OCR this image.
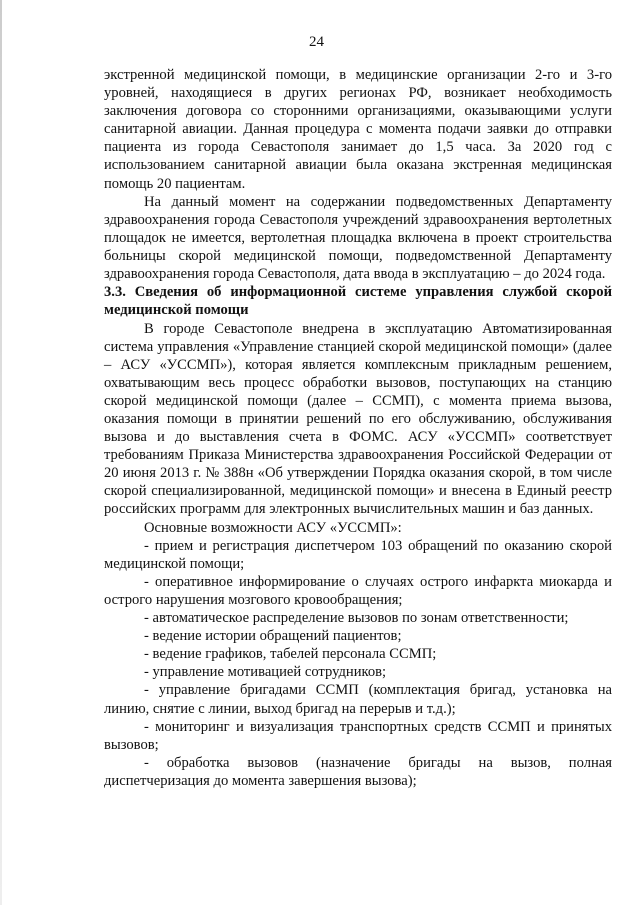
24

экстренной медицинской помощи, в медицинские организации 2-го и 3-го уровней, находящиеся в других регионах РФ, возникает необходимость заключения договора со сторонними организациями, оказывающими услуги санитарной авиации. Данная процедура с момента подачи заявки до отправки пациента из города Севастополя занимает до 1,5 часа. За 2020 год с использованием санитарной авиации была оказана экстренная медицинская помощь 20 пациентам.

На данный момент на содержании подведомственных Департаменту здравоохранения города Севастополя учреждений здравоохранения вертолетных площадок не имеется, вертолетная площадка включена в проект строительства больницы скорой медицинской помощи, подведомственной Департаменту здравоохранения города Севастополя, дата ввода в эксплуатацию – до 2024 года.

3.3. Сведения об информационной системе управления службой скорой медицинской помощи

В городе Севастополе внедрена в эксплуатацию Автоматизированная система управления «Управление станцией скорой медицинской помощи» (далее – АСУ «УССМП»), которая является комплексным прикладным решением, охватывающим весь процесс обработки вызовов, поступающих на станцию скорой медицинской помощи (далее – ССМП), с момента приема вызова, оказания помощи в принятии решений по его обслуживанию, обслуживания вызова и до выставления счета в ФОМС. АСУ «УССМП» соответствует требованиям Приказа Министерства здравоохранения Российской Федерации от 20 июня 2013 г. № 388н «Об утверждении Порядка оказания скорой, в том числе скорой специализированной, медицинской помощи» и внесена в Единый реестр российских программ для электронных вычислительных машин и баз данных.

Основные возможности АСУ «УССМП»:

- прием и регистрация диспетчером 103 обращений по оказанию скорой медицинской помощи;

- оперативное информирование о случаях острого инфаркта миокарда и острого нарушения мозгового кровообращения;

- автоматическое распределение вызовов по зонам ответственности;

- ведение истории обращений пациентов;

- ведение графиков, табелей персонала ССМП;

- управление мотивацией сотрудников;

- управление бригадами ССМП (комплектация бригад, установка на линию, снятие с линии, выход бригад на перерыв и т.д.);

- мониторинг и визуализация транспортных средств ССМП и принятых вызовов;

- обработка вызовов (назначение бригады на вызов, полная диспетчеризация до момента завершения вызова);
